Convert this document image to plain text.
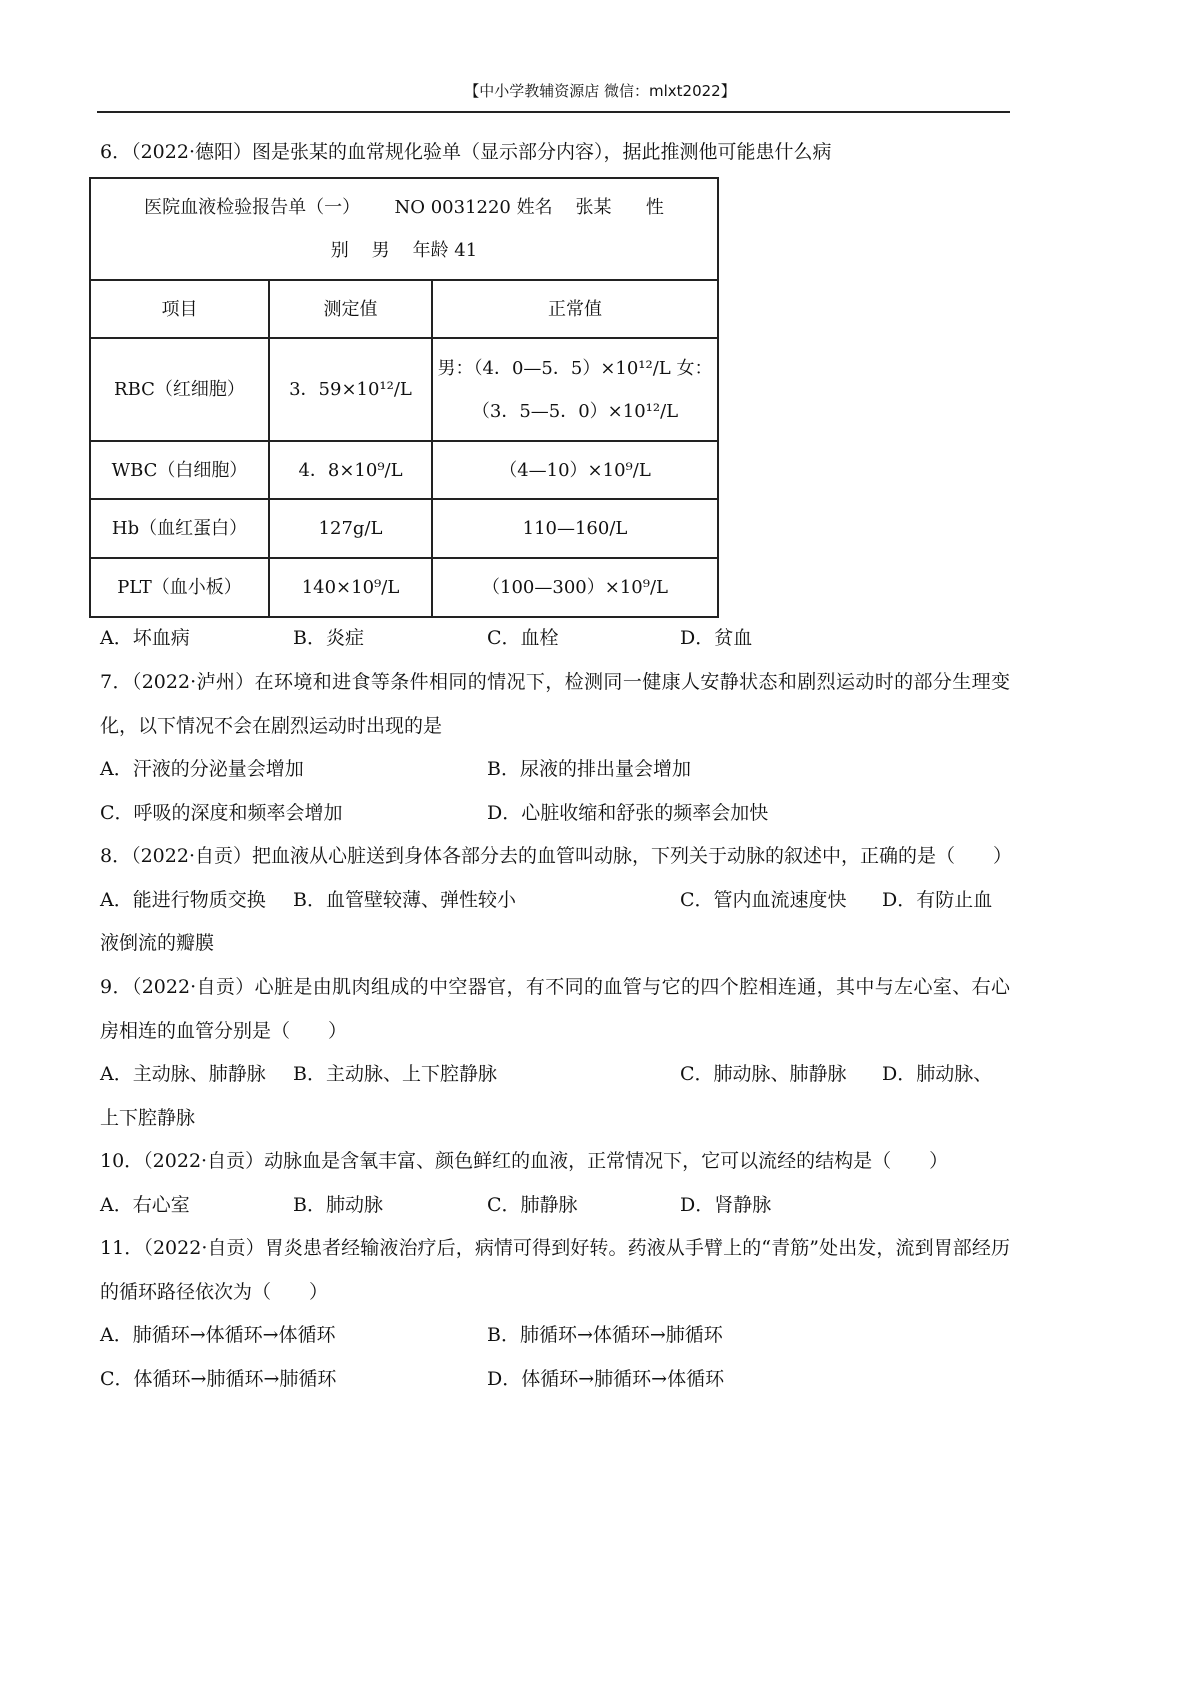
【中小学教辅资源店 微信：mlxt2022】
6．（2022·德阳）图是张某的血常规化验单（显示部分内容），据此推测他可能患什么病
医院血液检验报告单（一）      NO 0031220 姓名    张某      性
别    男    年龄 41		

项目	测定值	正常值
RBC（红细胞）	3．59×10¹²/L	男：（4．0—5．5）×10¹²/L 女：
（3．5—5．0）×10¹²/L

WBC（白细胞）	4．8×10⁹/L	（4—10）×10⁹/L
Hb（血红蛋白）	127g/L	110—160/L
PLT（血小板）	140×10⁹/L	（100—300）×10⁹/L
A．坏血病	B．炎症	C．血栓	D．贫血
7．（2022·泸州）在环境和进食等条件相同的情况下，检测同一健康人安静状态和剧烈运动时的部分生理变化，以下情况不会在剧烈运动时出现的是
A．汗液的分泌量会增加	B．尿液的排出量会增加
C．呼吸的深度和频率会增加	D．心脏收缩和舒张的频率会加快
8．（2022·自贡）把血液从心脏送到身体各部分去的血管叫动脉，下列关于动脉的叙述中，正确的是（　　）
A．能进行物质交换 B．血管壁较薄、弹性较小	C．管内血流速度快 D．有防止血液倒流的瓣膜
9．（2022·自贡）心脏是由肌肉组成的中空器官，有不同的血管与它的四个腔相连通，其中与左心室、右心房相连的血管分别是（　　）
A．主动脉、肺静脉 B．主动脉、上下腔静脉	C．肺动脉、肺静脉 D．肺动脉、上下腔静脉
10．（2022·自贡）动脉血是含氧丰富、颜色鲜红的血液，正常情况下，它可以流经的结构是（　　）
A．右心室	B．肺动脉	C．肺静脉	D．肾静脉
11．（2022·自贡）胃炎患者经输液治疗后，病情可得到好转。药液从手臂上的“青筋”处出发，流到胃部经历的循环路径依次为（　　）
A．肺循环→体循环→体循环	B．肺循环→体循环→肺循环
C．体循环→肺循环→肺循环	D．体循环→肺循环→体循环
